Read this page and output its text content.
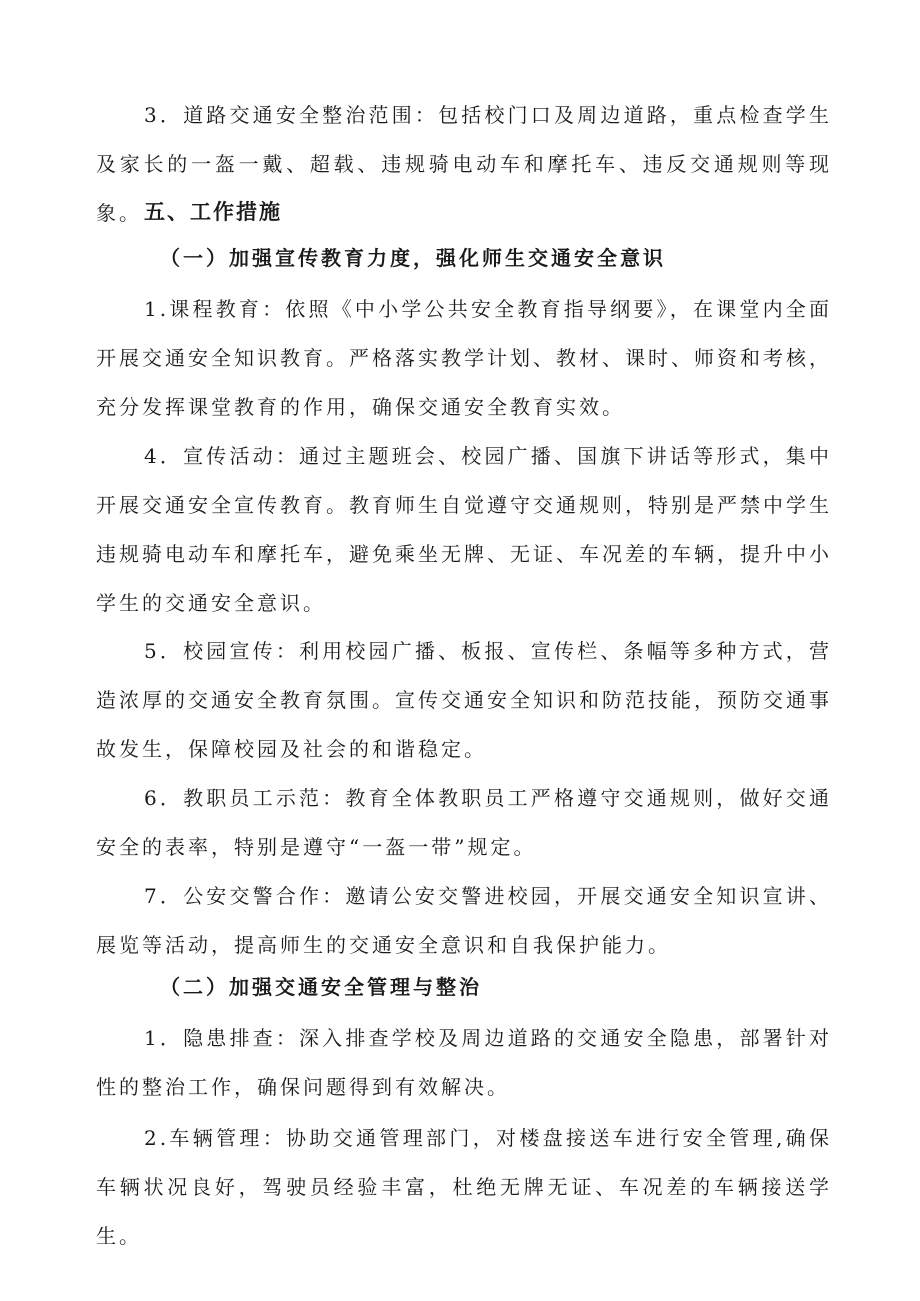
3．道路交通安全整治范围：包括校门口及周边道路，重点检查学生及家长的一盔一戴、超载、违规骑电动车和摩托车、违反交通规则等现象。 五、工作措施
（一）加强宣传教育力度，强化师生交通安全意识

1.课程教育：依照《中小学公共安全教育指导纲要》，在课堂内全面开展交通安全知识教育。严格落实教学计划、教材、课时、师资和考核，充分发挥课堂教育的作用，确保交通安全教育实效。

4．宣传活动：通过主题班会、校园广播、国旗下讲话等形式，集中开展交通安全宣传教育。教育师生自觉遵守交通规则，特别是严禁中学生违规骑电动车和摩托车，避免乘坐无牌、无证、车况差的车辆，提升中小学生的交通安全意识。

5．校园宣传：利用校园广播、板报、宣传栏、条幅等多种方式，营造浓厚的交通安全教育氛围。宣传交通安全知识和防范技能，预防交通事故发生，保障校园及社会的和谐稳定。

6．教职员工示范：教育全体教职员工严格遵守交通规则，做好交通安全的表率，特别是遵守“一盔一带”规定。

7．公安交警合作：邀请公安交警进校园，开展交通安全知识宣讲、展览等活动，提高师生的交通安全意识和自我保护能力。

（二）加强交通安全管理与整治

1．隐患排查：深入排查学校及周边道路的交通安全隐患，部署针对性的整治工作，确保问题得到有效解决。

2.车辆管理：协助交通管理部门，对楼盘接送车进行安全管理,确保车辆状况良好，驾驶员经验丰富，杜绝无牌无证、车况差的车辆接送学生。
